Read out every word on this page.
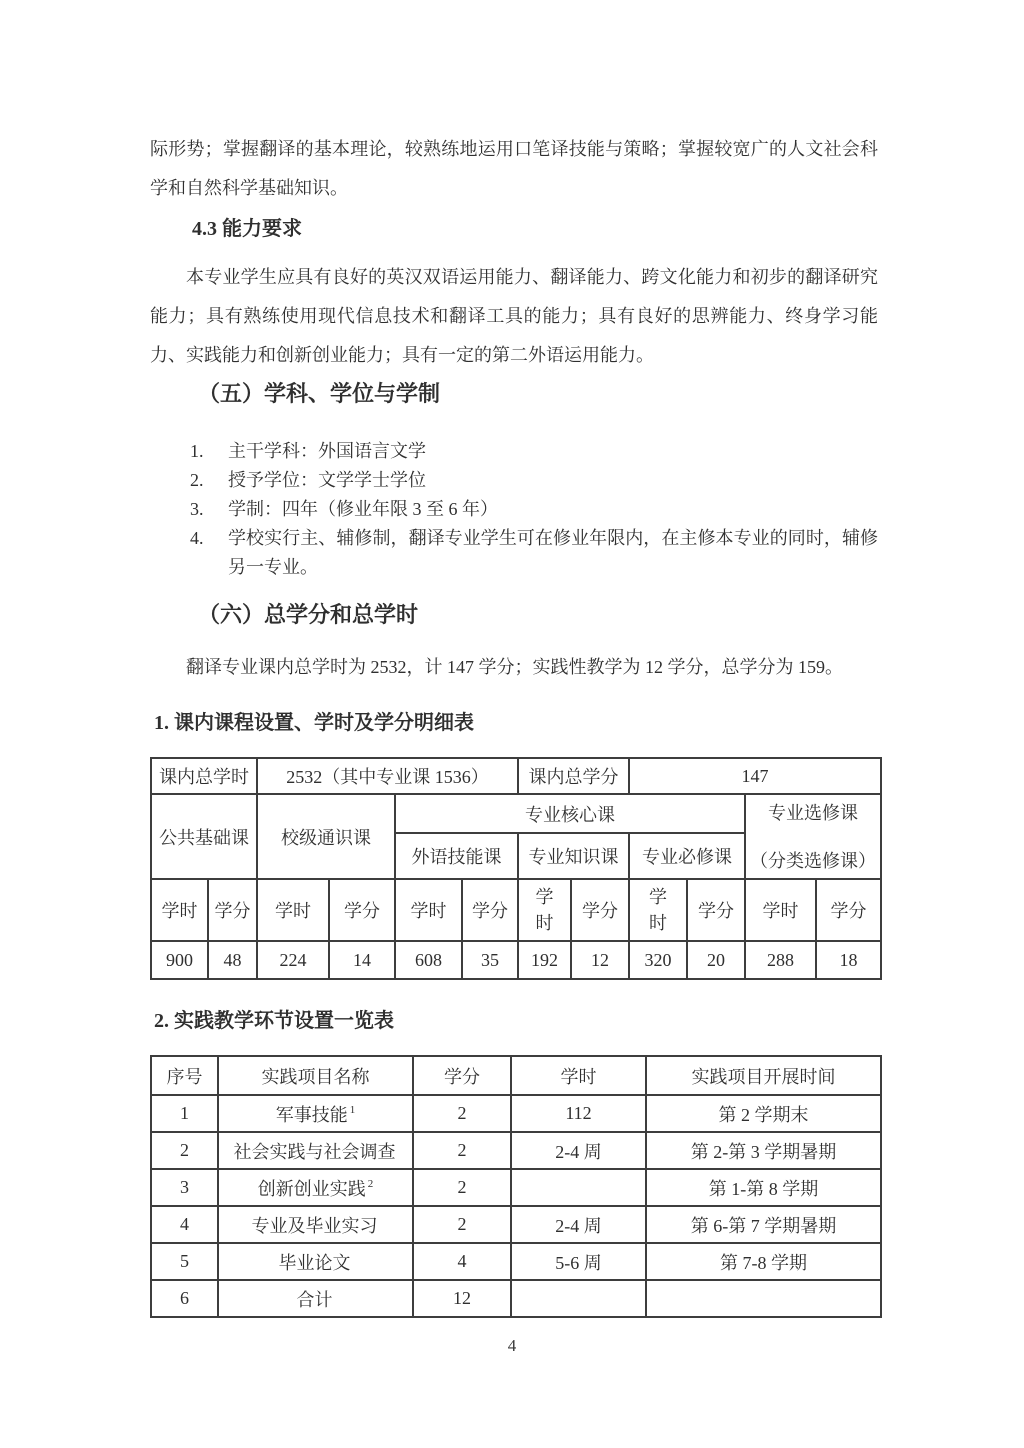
际形势；掌握翻译的基本理论，较熟练地运用口笔译技能与策略；掌握较宽广的人文社会科学和自然科学基础知识。

4.3 能力要求

本专业学生应具有良好的英汉双语运用能力、翻译能力、跨文化能力和初步的翻译研究能力；具有熟练使用现代信息技术和翻译工具的能力；具有良好的思辨能力、终身学习能力、实践能力和创新创业能力；具有一定的第二外语运用能力。

（五）学科、学位与学制
1. 主干学科：外国语言文学
2. 授予学位：文学学士学位
3. 学制：四年（修业年限 3 至 6 年）
4. 学校实行主、辅修制，翻译专业学生可在修业年限内，在主修本专业的同时，辅修另一专业。
（六）总学分和总学时

翻译专业课内总学时为 2532，计 147 学分；实践性教学为 12 学分，总学分为 159。

1. 课内课程设置、学时及学分明细表
课内总学时		2532（其中专业课 1536）				课内总学分		147			
公共基础课		校级通识课		专业核心课						专业选修课
（分类选修课）	

				外语技能课		专业知识课		专业必修课			
学时	学分	学时	学分	学时	学分	学时	学分	学时	学分	学时	学分
900	48	224	14	608	35	192	12	320	20	288	18
2. 实践教学环节设置一览表
序号	实践项目名称	学分	学时	实践项目开展时间
1	军事技能 $^1$	2	112	第 2 学期末
2	社会实践与社会调查	2	2-4 周	第 2-第 3 学期暑期
3	创新创业实践 $^2$	2		第 1-第 8 学期
4	专业及毕业实习	2	2-4 周	第 6-第 7 学期暑期
5	毕业论文	4	5-6 周	第 7-8 学期
6	合计	12		
4
